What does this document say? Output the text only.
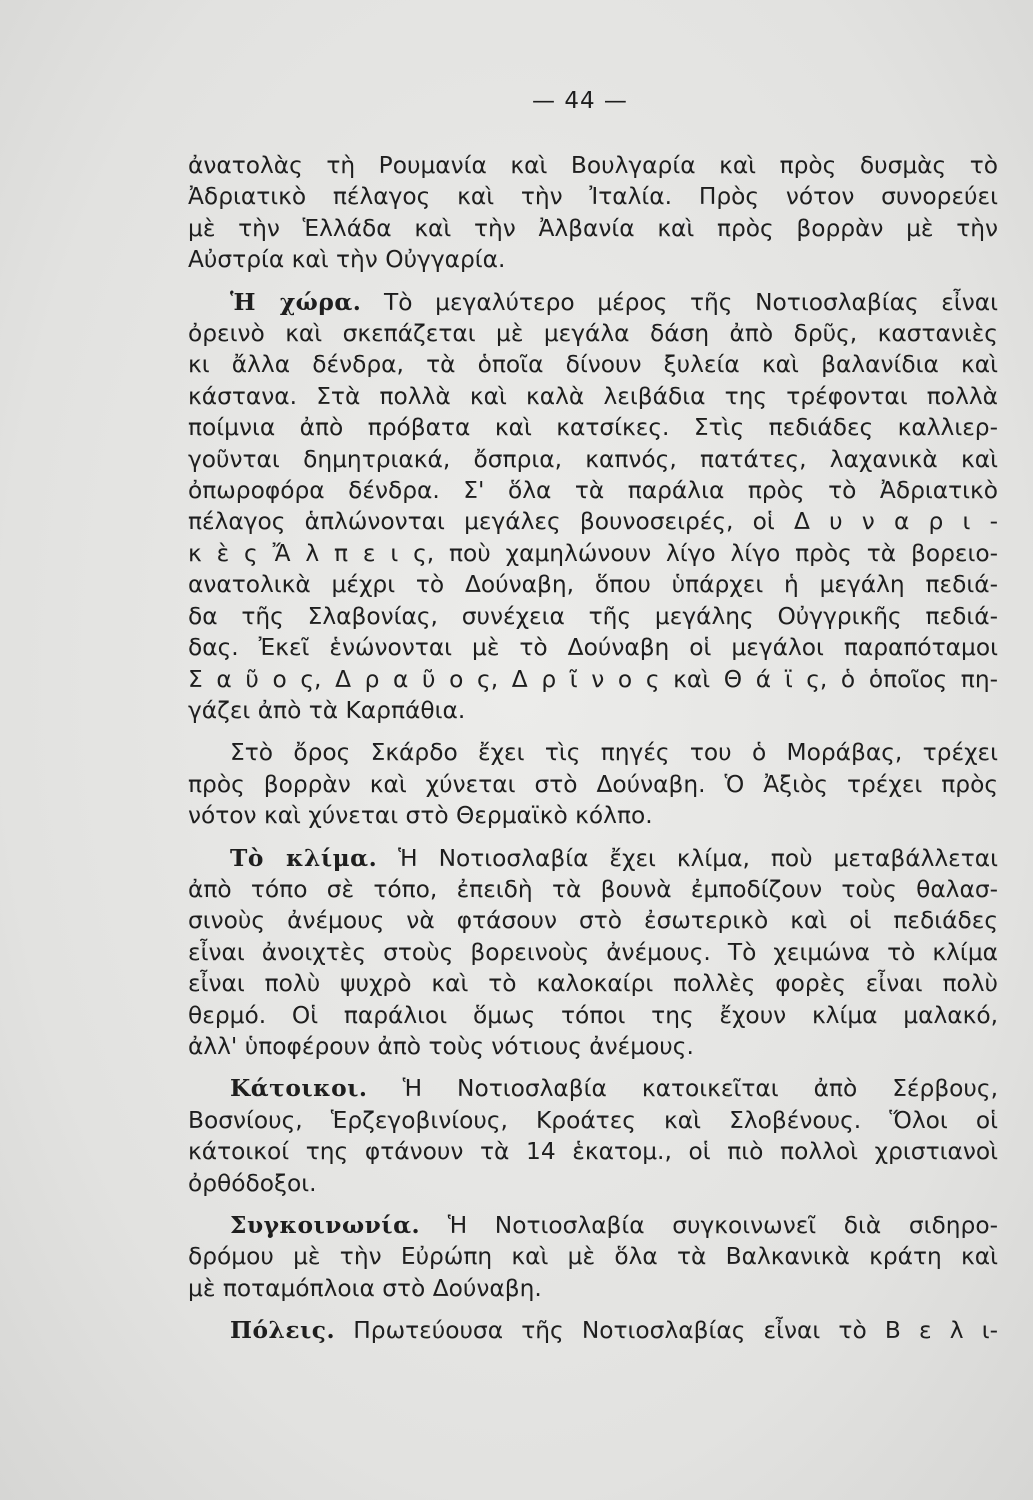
— 44 —
ἀνατολὰς τὴ Ρουμανία καὶ Βουλγαρία καὶ πρὸς δυσμὰς τὸ
Ἀδριατικὸ πέλαγος καὶ τὴν Ἰταλία. Πρὸς νότον συνορεύει
μὲ τὴν Ἑλλάδα καὶ τὴν Ἀλβανία καὶ πρὸς βορρὰν μὲ τὴν
Αὐστρία καὶ τὴν Οὐγγαρία.
Ἡ χώρα. Τὸ μεγαλύτερο μέρος τῆς Νοτιοσλαβίας εἶναι
ὀρεινὸ καὶ σκεπάζεται μὲ μεγάλα δάση ἀπὸ δρῦς, καστανιὲς
κι ἄλλα δένδρα, τὰ ὁποῖα δίνουν ξυλεία καὶ βαλανίδια καὶ
κάστανα. Στὰ πολλὰ καὶ καλὰ λειβάδια της τρέφονται πολλὰ
ποίμνια ἀπὸ πρόβατα καὶ κατσίκες. Στὶς πεδιάδες καλλιερ-
γοῦνται δημητριακά, ὄσπρια, καπνός, πατάτες, λαχανικὰ καὶ
ὀπωροφόρα δένδρα. Σ' ὅλα τὰ παράλια πρὸς τὸ Ἀδριατικὸ
πέλαγος ἁπλώνονται μεγάλες βουνοσειρές, οἱ Δ υ ν α ρ ι -
κ ὲ ς Ἄ λ π ε ι ς, ποὺ χαμηλώνουν λίγο λίγο πρὸς τὰ βορειο-
ανατολικὰ μέχρι τὸ Δούναβη, ὅπου ὑπάρχει ἡ μεγάλη πεδιά-
δα τῆς Σλαβονίας, συνέχεια τῆς μεγάλης Οὐγγρικῆς πεδιά-
δας. Ἐκεῖ ἑνώνονται μὲ τὸ Δούναβη οἱ μεγάλοι παραπόταμοι
Σ α ῦ ο ς, Δ ρ α ῦ ο ς, Δ ρ ῖ ν ο ς καὶ Θ ά ϊ ς, ὁ ὁποῖος πη-
γάζει ἀπὸ τὰ Καρπάθια.
Στὸ ὄρος Σκάρδο ἔχει τὶς πηγές του ὁ Μοράβας, τρέχει
πρὸς βορρὰν καὶ χύνεται στὸ Δούναβη. Ὁ Ἀξιὸς τρέχει πρὸς
νότον καὶ χύνεται στὸ Θερμαϊκὸ κόλπο.
Τὸ κλίμα. Ἡ Νοτιοσλαβία ἔχει κλίμα, ποὺ μεταβάλλεται
ἀπὸ τόπο σὲ τόπο, ἐπειδὴ τὰ βουνὰ ἐμποδίζουν τοὺς θαλασ-
σινοὺς ἀνέμους νὰ φτάσουν στὸ ἐσωτερικὸ καὶ οἱ πεδιάδες
εἶναι ἀνοιχτὲς στοὺς βορεινοὺς ἀνέμους. Τὸ χειμώνα τὸ κλίμα
εἶναι πολὺ ψυχρὸ καὶ τὸ καλοκαίρι πολλὲς φορὲς εἶναι πολὺ
θερμό. Οἱ παράλιοι ὅμως τόποι της ἔχουν κλίμα μαλακό,
ἀλλ' ὑποφέρουν ἀπὸ τοὺς νότιους ἀνέμους.
Κάτοικοι. Ἡ Νοτιοσλαβία κατοικεῖται ἀπὸ Σέρβους,
Βοσνίους, Ἑρζεγοβινίους, Κροάτες καὶ Σλοβένους. Ὅλοι οἱ
κάτοικοί της φτάνουν τὰ 14 ἑκατομ., οἱ πιὸ πολλοὶ χριστιανοὶ
ὀρθόδοξοι.
Συγκοινωνία. Ἡ Νοτιοσλαβία συγκοινωνεῖ διὰ σιδηρο-
δρόμου μὲ τὴν Εὐρώπη καὶ μὲ ὅλα τὰ Βαλκανικὰ κράτη καὶ
μὲ ποταμόπλοια στὸ Δούναβη.
Πόλεις. Πρωτεύουσα τῆς Νοτιοσλαβίας εἶναι τὸ Β ε λ ι-
